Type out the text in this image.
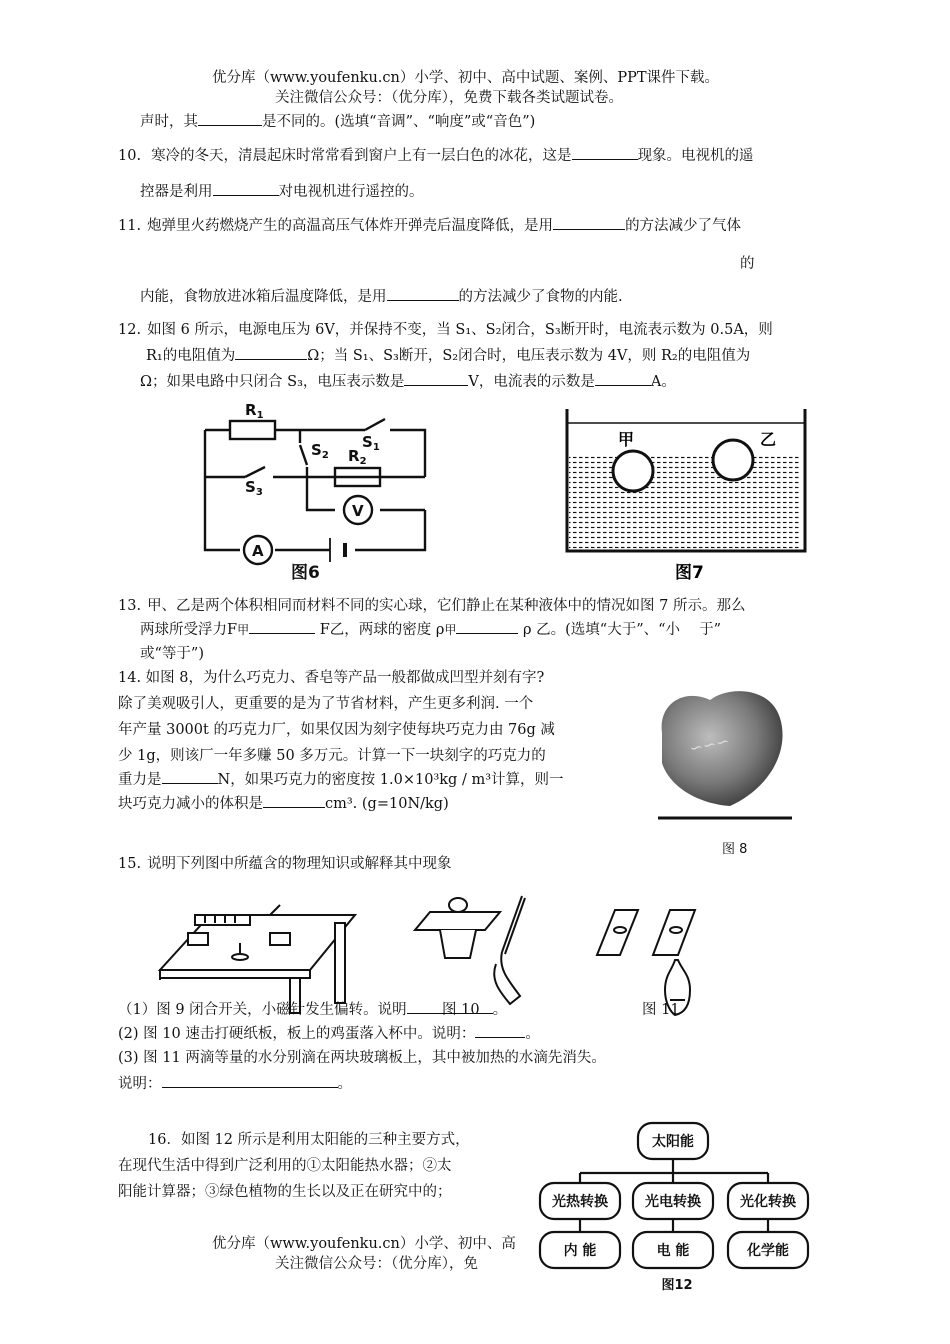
优分库（www.youfenku.cn）小学、初中、高中试题、案例、PPT课件下载。
关注微信公众号：（优分库），免费下载各类试题试卷。
声时，其	是不同的。(选填“音调”、“响度”或“音色”)
10. 寒冷的冬天，清晨起床时常常看到窗户上有一层白色的冰花，这是	现象。电视机的遥
控器是利用	对电视机进行遥控的。
11. 炮弹里火药燃烧产生的高温高压气体炸开弹壳后温度降低，是用	的方法减少了气体
的
内能，食物放进冰箱后温度降低，是用	的方法减少了食物的内能.
12. 如图 6 所示，电源电压为 6V，并保持不变，当 S₁、S₂闭合，S₃断开时，电流表示数为 0.5A，则
R₁的电阻值为	Ω；当 S₁、S₃断开，S₂闭合时，电压表示数为 4V，则 R₂的电阻值为
Ω；如果电路中只闭合 S₃，电压表示数是	V，电流表的示数是	A。
$R_1$
$S_1$
$S_2$ $R_2$
$S_3$
V
A
图6
甲	乙
图7
13. 甲、乙是两个体积相同而材料不同的实心球，它们静止在某种液体中的情况如图 7 所示。那么
两球所受浮力F甲	F乙，两球的密度 ρ甲	ρ 乙。(选填“大于”、“小　 于”
或“等于”)
14. 如图 8，为什么巧克力、香皂等产品一般都做成凹型并刻有字?
除了美观吸引人，更重要的是为了节省材料，产生更多利润. 一个
年产量 3000t 的巧克力厂，如果仅因为刻字使每块巧克力由 76g 减
少 1g，则该厂一年多赚 50 多万元。计算一下一块刻字的巧克力的
重力是	N，如果巧克力的密度按 1.0×10³kg / m³计算，则一
块巧克力减小的体积是	cm³. (g=10N/kg)
∽∽∽
图 8
15. 说明下列图中所蕴含的物理知识或解释其中现象
（1）图 9 闭合开关，小磁针发生偏转。说明	。
图 10	图 11
(2) 图 10 速击打硬纸板，板上的鸡蛋落入杯中。说明：	。
(3) 图 11 两滴等量的水分别滴在两块玻璃板上，其中被加热的水滴先消失。
说明：	。
16．如图 12 所示是利用太阳能的三种主要方式，
在现代生活中得到广泛利用的①太阳能热水器；②太
阳能计算器；③绿色植物的生长以及正在研究中的；
太阳能
光热转换	光电转换	光化转换
内 能	电 能	化学能
图12
优分库（www.youfenku.cn）小学、初中、高
关注微信公众号：（优分库），免
